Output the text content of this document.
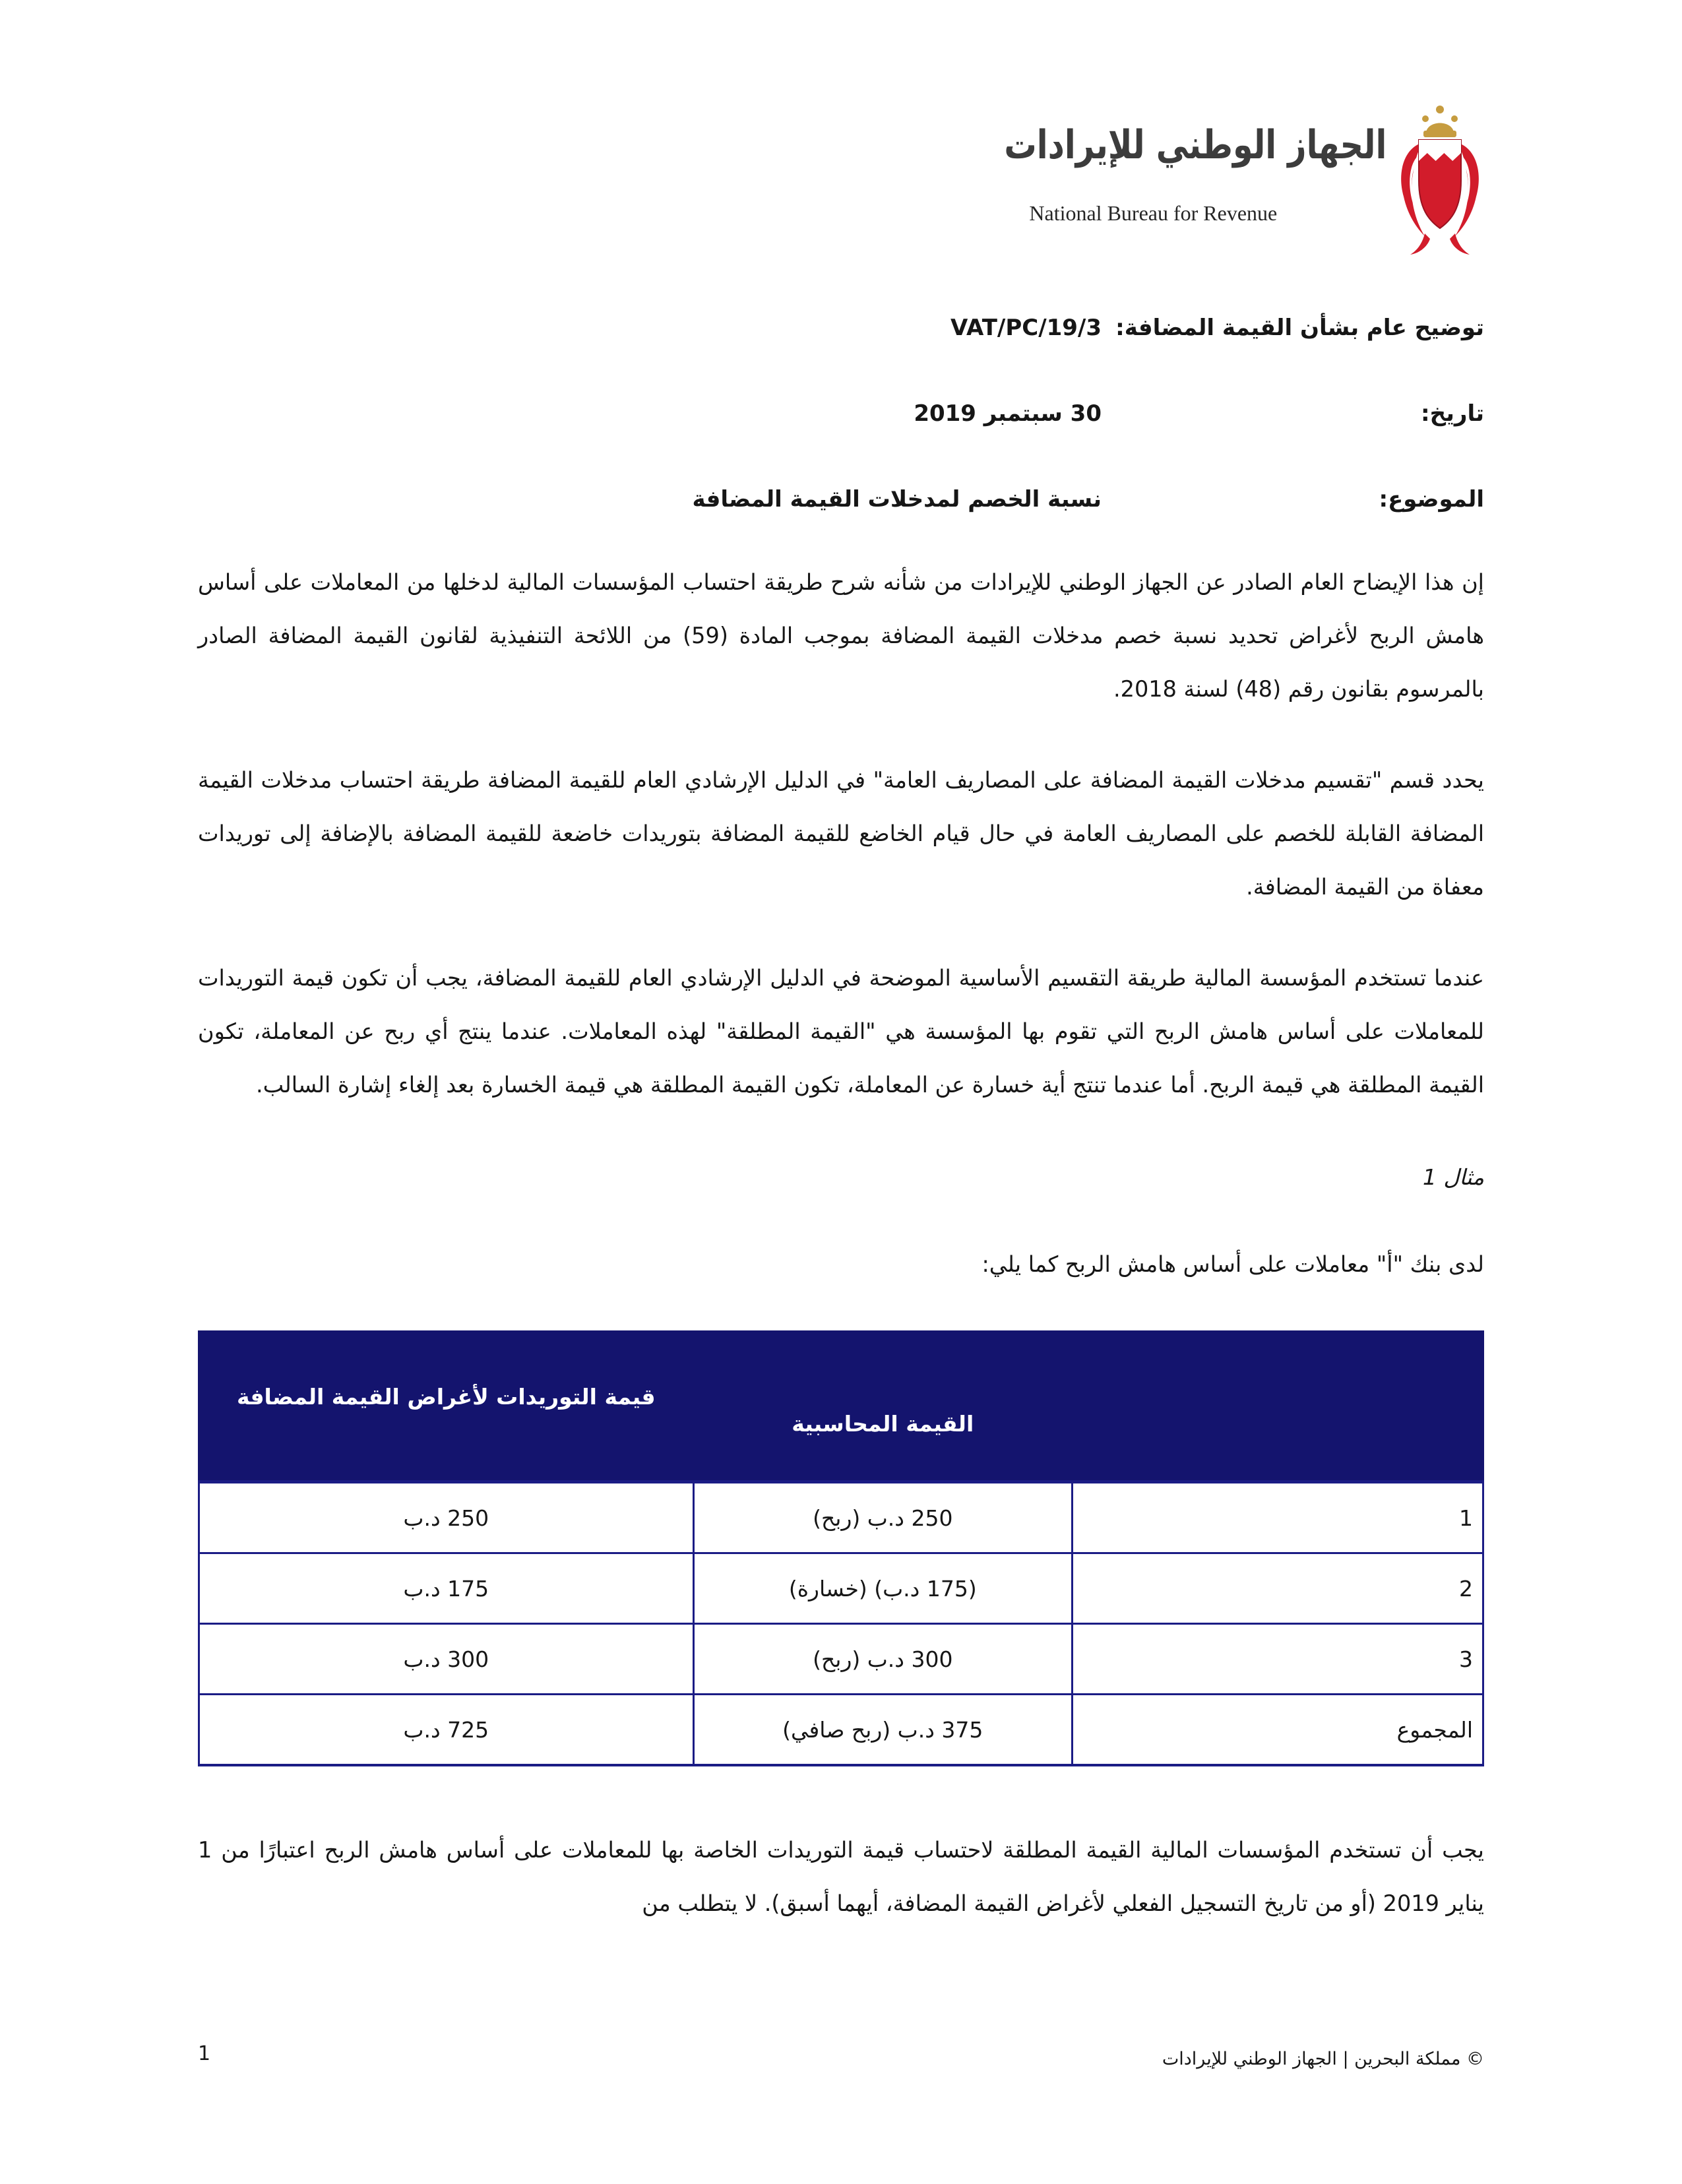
الجهاز الوطني للإيرادات
National Bureau for Revenue
توضيح عام بشأن القيمة المضافة:
VAT/PC/19/3
تاريخ:
30 سبتمبر 2019
الموضوع:
نسبة الخصم لمدخلات القيمة المضافة

إن هذا الإيضاح العام الصادر عن الجهاز الوطني للإيرادات من شأنه شرح طريقة احتساب المؤسسات المالية لدخلها من المعاملات على أساس هامش الربح لأغراض تحديد نسبة خصم مدخلات القيمة المضافة بموجب المادة (59) من اللائحة التنفيذية لقانون القيمة المضافة الصادر بالمرسوم بقانون رقم (48) لسنة 2018.

يحدد قسم "تقسيم مدخلات القيمة المضافة على المصاريف العامة" في الدليل الإرشادي العام للقيمة المضافة طريقة احتساب مدخلات القيمة المضافة القابلة للخصم على المصاريف العامة في حال قيام الخاضع للقيمة المضافة بتوريدات خاضعة للقيمة المضافة بالإضافة إلى توريدات معفاة من القيمة المضافة.

عندما تستخدم المؤسسة المالية طريقة التقسيم الأساسية الموضحة في الدليل الإرشادي العام للقيمة المضافة، يجب أن تكون قيمة التوريدات للمعاملات على أساس هامش الربح التي تقوم بها المؤسسة هي "القيمة المطلقة" لهذه المعاملات. عندما ينتج أي ربح عن المعاملة، تكون القيمة المطلقة هي قيمة الربح. أما عندما تنتج أية خسارة عن المعاملة، تكون القيمة المطلقة هي قيمة الخسارة بعد إلغاء إشارة السالب.

مثال 1
لدى بنك "أ" معاملات على أساس هامش الربح كما يلي:
	القيمة المحاسبية	قيمة التوريدات لأغراض القيمة المضافة
1	250 د.ب (ربح)	250 د.ب
2	(175 د.ب) (خسارة)	175 د.ب
3	300 د.ب (ربح)	300 د.ب
المجموع	375 د.ب (ربح صافي)	725 د.ب

يجب أن تستخدم المؤسسات المالية القيمة المطلقة لاحتساب قيمة التوريدات الخاصة بها للمعاملات على أساس هامش الربح اعتبارًا من 1 يناير 2019 (أو من تاريخ التسجيل الفعلي لأغراض القيمة المضافة، أيهما أسبق). لا يتطلب من

1	© مملكة البحرين | الجهاز الوطني للإيرادات
